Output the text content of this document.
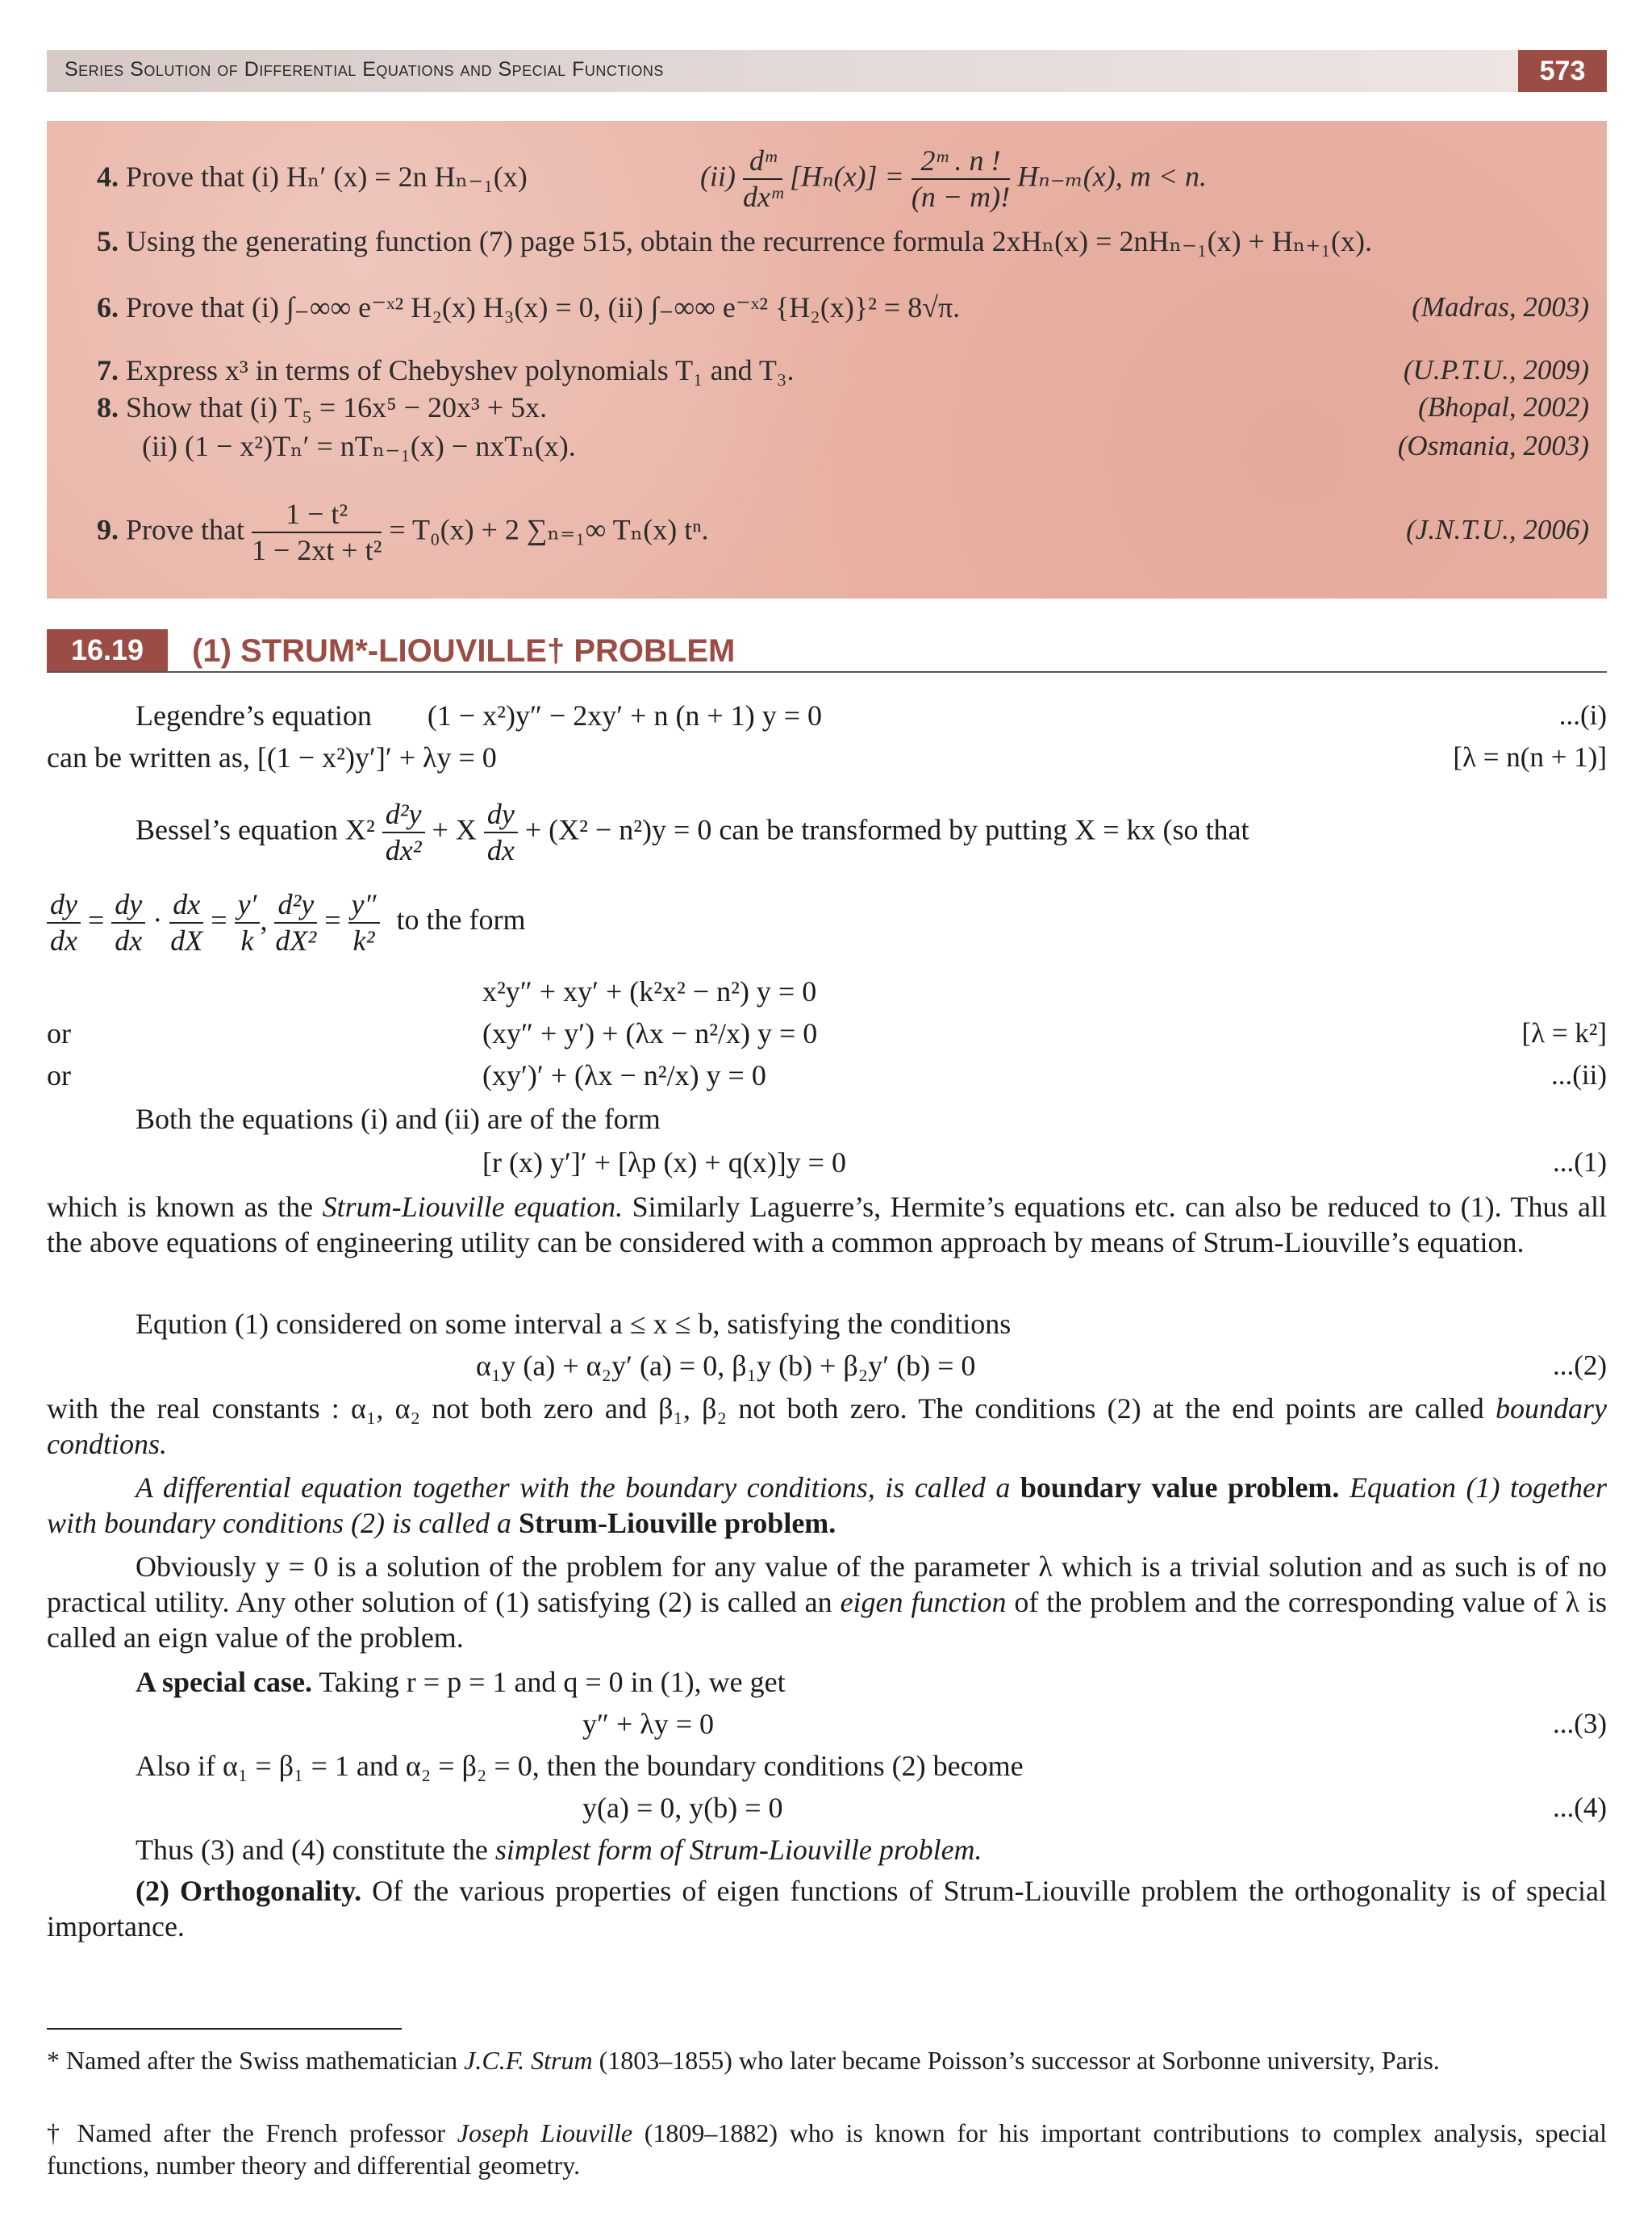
Series Solution of Differential Equations and Special Functions	573
4. Prove that (i) Hₙ′ (x) = 2n Hₙ₋₁(x)	$(ii) \frac{\text{dᵐ}}{\text{dxᵐ}} [H_n(x)] = \frac{\text{2ᵐ . n !}}{(n - m)!} H_{n-m}(x)$, m < n.
5. Using the generating function (7) page 515, obtain the recurrence formula 2xHₙ(x) = 2nHₙ₋₁(x) + Hₙ₊₁(x).
6. Prove that (i) ∫₋∞∞ e⁻ˣ² H₂(x) H₃(x) = 0, (ii) ∫₋∞∞ e⁻ˣ² {H₂(x)}² = 8√π.	(Madras, 2003)
7. Express x³ in terms of Chebyshev polynomials T₁ and T₃.	(U.P.T.U., 2009)
8. Show that (i) T₅ = 16x⁵ − 20x³ + 5x.	(Bhopal, 2002)
(ii) (1 − x²)Tₙ′ = nTₙ₋₁(x) − nxTₙ(x).	(Osmania, 2003)
9. Prove that $\frac{\text{1 − t²}}{\text{1 − 2xt + t²}} = T_0(x) + 2$ ∑ₙ₌₁∞ Tₙ(x) tⁿ.	(J.N.T.U., 2006)
16.19	(1) STRUM*-LIOUVILLE† PROBLEM
Legendre’s equation (1 − x²)y″ − 2xy′ + n (n + 1) y = 0	...(i)
can be written as, [(1 − x²)y′]′ + λy = 0	[λ = n(n + 1)]
Bessel’s equation $X^2 \frac{\text{d²y}}{\text{dx²}} + X \frac{dy}{dx} + (X^2 - n^2)y = 0$ can be transformed by putting X = kx (so that
$\frac{dy}{dx} = \frac{dy}{dx} \cdot \frac{dx}{dX} = \frac{y'}{k}$ , $\frac{\text{d²y}}{\text{dX²}} = \frac{y''}{\text{k²}}$ to the form
x²y″ + xy′ + (k²x² − n²) y = 0
or	(xy″ + y′) + (λx − n²/x) y = 0	[λ = k²]
or	(xy′)′ + (λx − n²/x) y = 0	...(ii)
Both the equations (i) and (ii) are of the form
[r (x) y′]′ + [λp (x) + q(x)]y = 0	...(1)
which is known as the Strum-Liouville equation. Similarly Laguerre’s, Hermite’s equations etc. can also be reduced to (1). Thus all the above equations of engineering utility can be considered with a common approach by means of Strum-Liouville’s equation.
Eqution (1) considered on some interval a ≤ x ≤ b, satisfying the conditions
α₁y (a) + α₂y′ (a) = 0, β₁y (b) + β₂y′ (b) = 0	...(2)
with the real constants : α₁, α₂ not both zero and β₁, β₂ not both zero. The conditions (2) at the end points are called boundary condtions.
A differential equation together with the boundary conditions, is called a boundary value problem. Equation (1) together with boundary conditions (2) is called a Strum-Liouville problem.
Obviously y = 0 is a solution of the problem for any value of the parameter λ which is a trivial solution and as such is of no practical utility. Any other solution of (1) satisfying (2) is called an eigen function of the problem and the corresponding value of λ is called an eign value of the problem.
A special case. Taking r = p = 1 and q = 0 in (1), we get
y″ + λy = 0	...(3)
Also if α₁ = β₁ = 1 and α₂ = β₂ = 0, then the boundary conditions (2) become
y(a) = 0, y(b) = 0	...(4)
Thus (3) and (4) constitute the simplest form of Strum-Liouville problem.
(2) Orthogonality. Of the various properties of eigen functions of Strum-Liouville problem the orthogonality is of special importance.
* Named after the Swiss mathematician J.C.F. Strum (1803–1855) who later became Poisson’s successor at Sorbonne university, Paris.
† Named after the French professor Joseph Liouville (1809–1882) who is known for his important contributions to complex analysis, special functions, number theory and differential geometry.
